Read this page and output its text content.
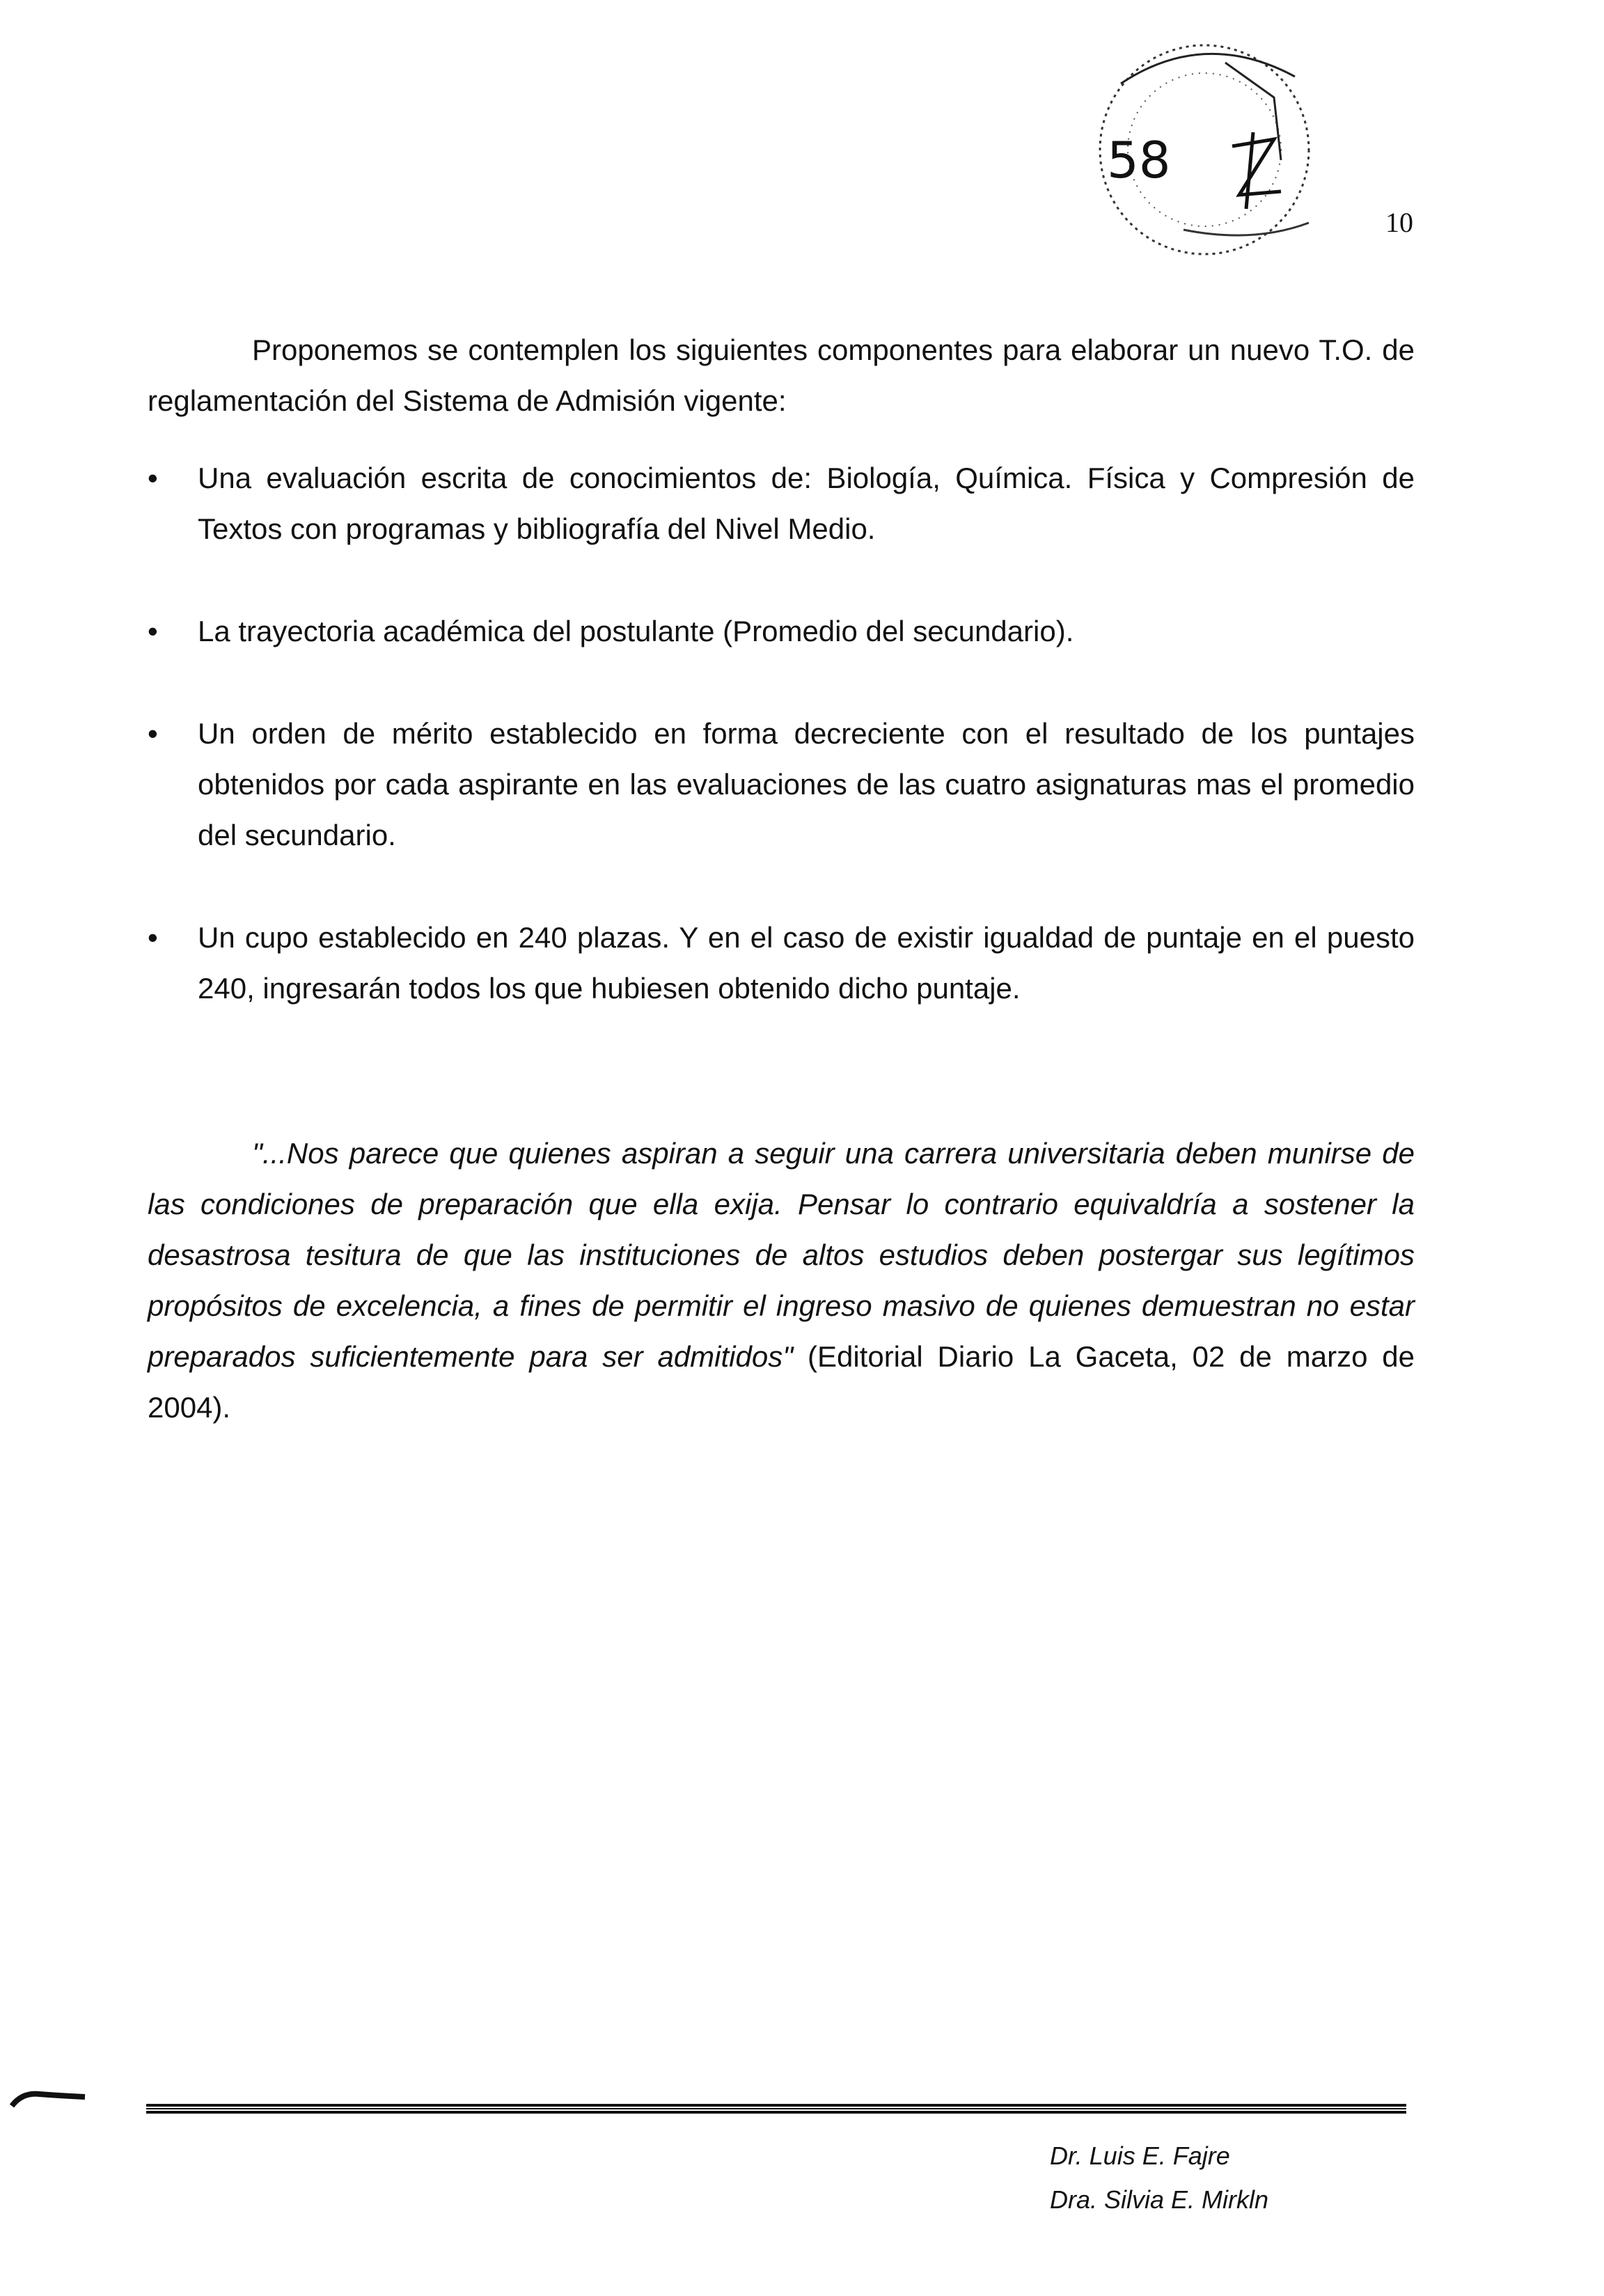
58
10

Proponemos se contemplen los siguientes componentes para elaborar un nuevo T.O. de reglamentación del Sistema de Admisión vigente:

• Una evaluación escrita de conocimientos de: Biología, Química. Física y Compresión de Textos con programas y bibliografía del Nivel Medio.
• La trayectoria académica del postulante (Promedio del secundario).
• Un orden de mérito establecido en forma decreciente con el resultado de los puntajes obtenidos por cada aspirante en las evaluaciones de las cuatro asignaturas mas el promedio del secundario.
• Un cupo establecido en 240 plazas. Y en el caso de existir igualdad de puntaje en el puesto 240, ingresarán todos los que hubiesen obtenido dicho puntaje.

"...Nos parece que quienes aspiran a seguir una carrera universitaria deben munirse de las condiciones de preparación que ella exija. Pensar lo contrario equivaldría a sostener la desastrosa tesitura de que las instituciones de altos estudios deben postergar sus legítimos propósitos de excelencia, a fines de permitir el ingreso masivo de quienes demuestran no estar preparados suficientemente para ser admitidos" (Editorial Diario La Gaceta, 02 de marzo de 2004).

Dr. Luis E. Fajre
Dra. Silvia E. Mirkln
